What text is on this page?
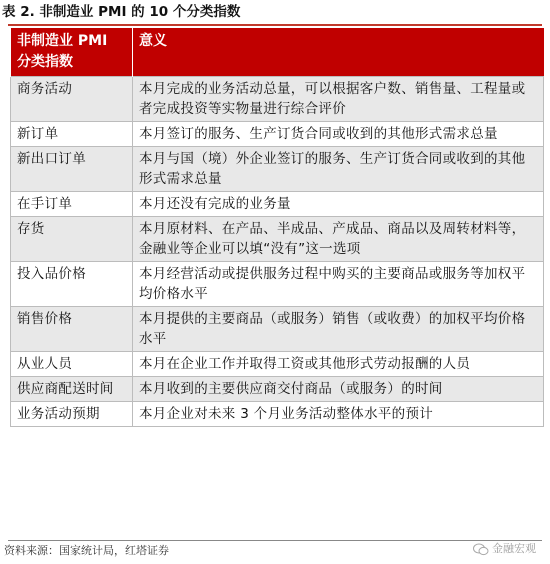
表 2. 非制造业 PMI 的 10 个分类指数
非制造业 PMI 分类指数	意义
商务活动	本月完成的业务活动总量，可以根据客户数、销售量、工程量或者完成投资等实物量进行综合评价
新订单	本月签订的服务、生产订货合同或收到的其他形式需求总量
新出口订单	本月与国（境）外企业签订的服务、生产订货合同或收到的其他形式需求总量
在手订单	本月还没有完成的业务量
存货	本月原材料、在产品、半成品、产成品、商品以及周转材料等，金融业等企业可以填“没有”这一选项
投入品价格	本月经营活动或提供服务过程中购买的主要商品或服务等加权平均价格水平
销售价格	本月提供的主要商品（或服务）销售（或收费）的加权平均价格水平
从业人员	本月在企业工作并取得工资或其他形式劳动报酬的人员
供应商配送时间	本月收到的主要供应商交付商品（或服务）的时间
业务活动预期	本月企业对未来 3 个月业务活动整体水平的预计
资料来源：国家统计局，红塔证券	金融宏观
